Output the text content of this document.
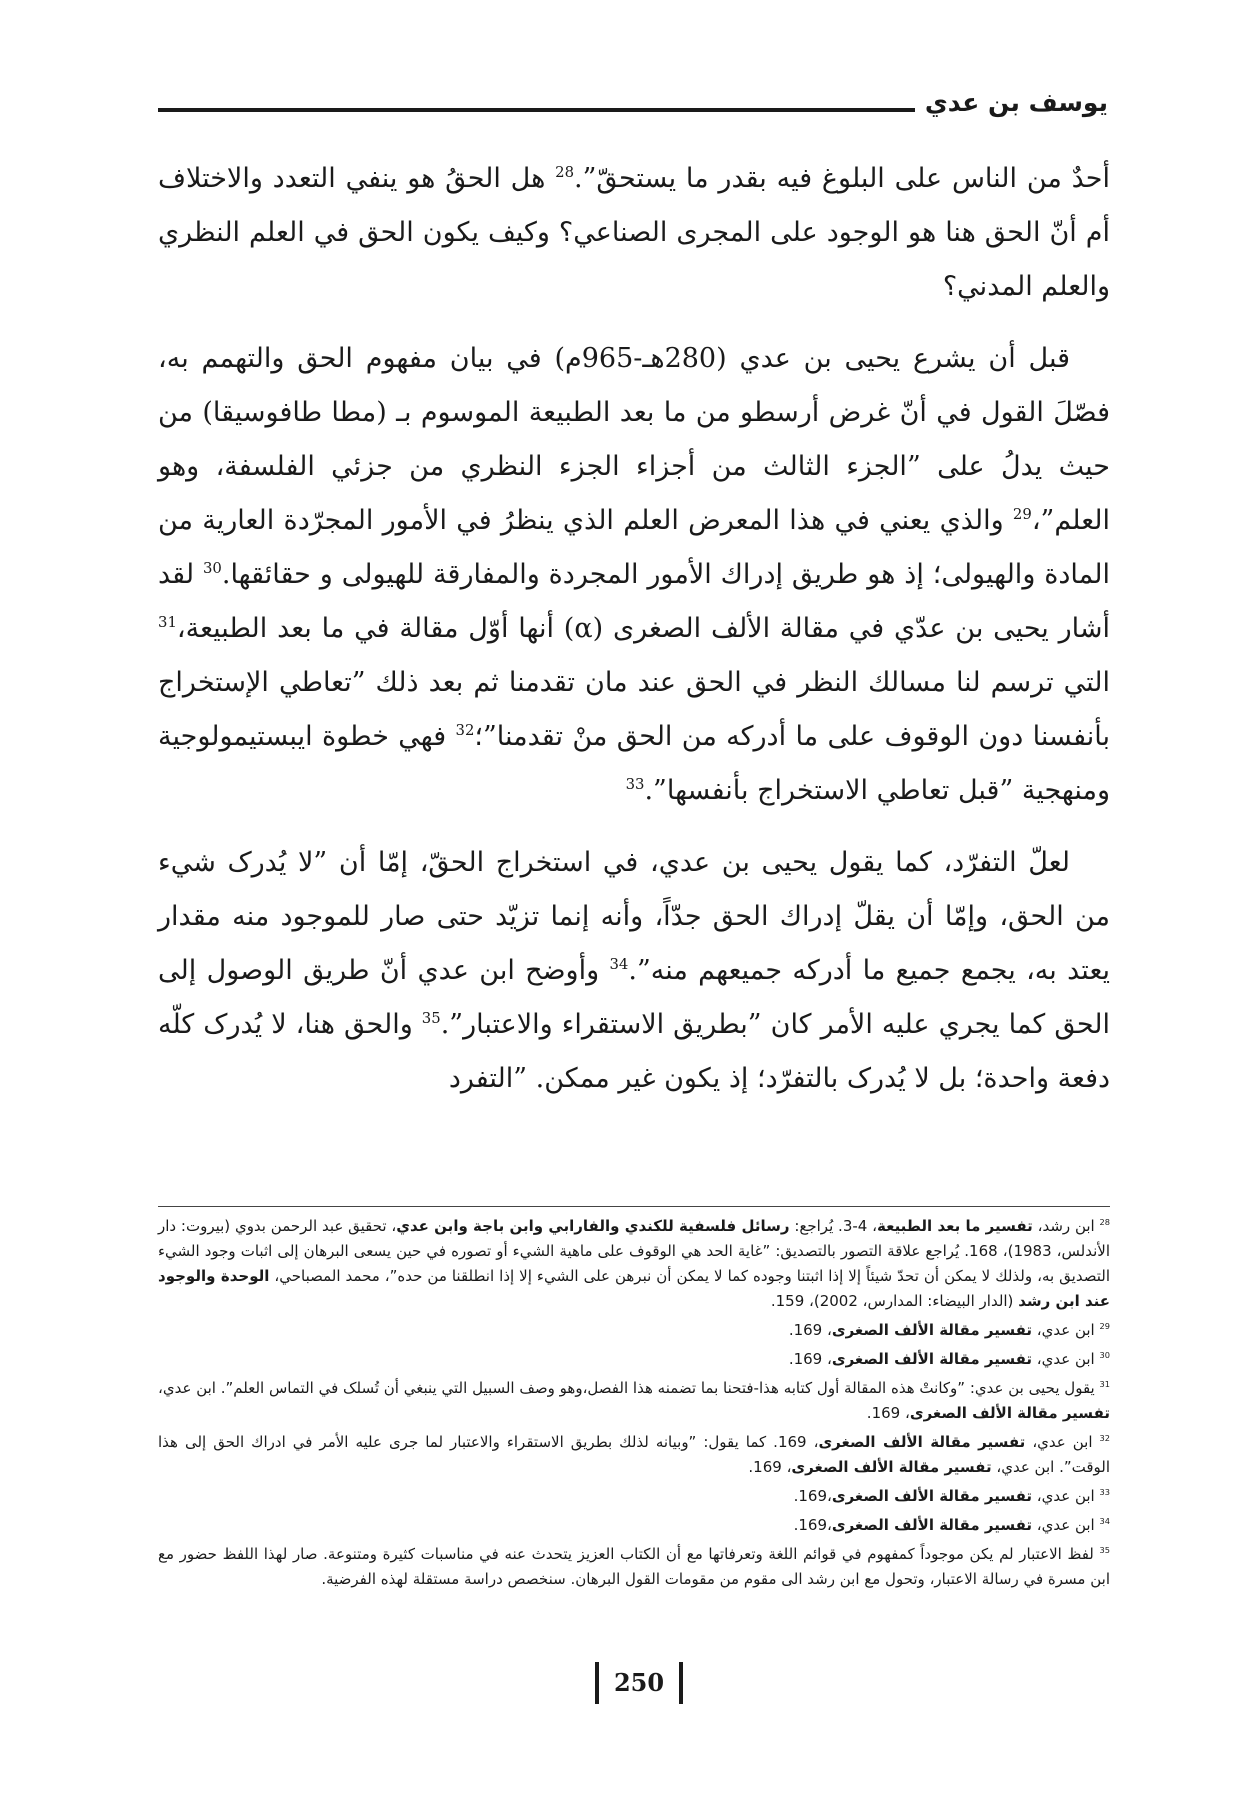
يوسف بن عدي

أحدٌ من الناس على البلوغ فيه بقدر ما يستحقّ”.$^{28}$ هل الحقُ هو ينفي التعدد والاختلاف أم أنّ الحق هنا هو الوجود على المجرى الصناعي؟ وكيف يكون الحق في العلم النظري والعلم المدني؟

قبل أن يشرع يحيى بن عدي (280هـ-965م) في بيان مفهوم الحق والتهمم به، فصّلَ القول في أنّ غرض أرسطو من ما بعد الطبيعة الموسوم بـ (مطا طافوسيقا) من حيث يدلُ على ”الجزء الثالث من أجزاء الجزء النظري من جزئي الفلسفة، وهو العلم”،$^{29}$ والذي يعني في هذا المعرض العلم الذي ينظرُ في الأمور المجرّدة العارية من المادة والهيولى؛ إذ هو طريق إدراك الأمور المجردة والمفارقة للهيولى و حقائقها.$^{30}$ لقد أشار يحيى بن عدّي في مقالة الألف الصغرى (α) أنها أوّل مقالة في ما بعد الطبيعة،$^{31}$ التي ترسم لنا مسالك النظر في الحق عند مان تقدمنا ثم بعد ذلك ”تعاطي الإستخراج بأنفسنا دون الوقوف على ما أدركه من الحق منْ تقدمنا”؛$^{32}$ فهي خطوة ايبستيمولوجية ومنهجية ”قبل تعاطي الاستخراج بأنفسها”.$^{33}$

لعلّ التفرّد، كما يقول يحيى بن عدي، في استخراج الحقّ، إمّا أن ”لا يُدرک شيء من الحق، وإمّا أن يقلّ إدراك الحق جدّاً، وأنه إنما تزيّد حتى صار للموجود منه مقدار يعتد به، يجمع جميع ما أدركه جميعهم منه”.$^{34}$ وأوضح ابن عدي أنّ طريق الوصول إلى الحق كما يجري عليه الأمر كان ”بطريق الاستقراء والاعتبار”.$^{35}$ والحق هنا، لا يُدرک كلّه دفعة واحدة؛ بل لا يُدرک بالتفرّد؛ إذ يكون غير ممكن. ”التفرد

$^{28}$ ابن رشد، تفسير ما بعد الطبيعة، 4-3. يُراجع: رسائل فلسفية للكندي والفارابي وابن باجة وابن عدي، تحقيق عبد الرحمن بدوي (بيروت: دار الأندلس، 1983)، 168. يُراجع علاقة التصور بالتصديق: ”غاية الحد هي الوقوف على ماهية الشيء أو تصوره في حين يسعى البرهان إلى اثبات وجود الشيء التصديق به، ولذلك لا يمكن أن تحدّ شيئاً إلا إذا اثبتنا وجوده كما لا يمكن أن نبرهن على الشيء إلا إذا انطلقنا من حده”، محمد المصباحي، الوحدة والوجود عند ابن رشد (الدار البيضاء: المدارس، 2002)، 159.
$^{29}$ ابن عدي، تفسير مقالة الألف الصغرى، 169.
$^{30}$ ابن عدي، تفسير مقالة الألف الصغرى، 169.
$^{31}$ يقول يحيى بن عدي: ”وكانتْ هذه المقالة أول كتابه هذا-فتحنا بما تضمنه هذا الفصل،وهو وصف السبيل التي ينبغي أن تُسلک في التماس العلم”. ابن عدي، تفسير مقالة الألف الصغرى، 169.
$^{32}$ ابن عدي، تفسير مقالة الألف الصغرى، 169. كما يقول: ”وبيانه لذلك بطريق الاستقراء والاعتبار لما جرى عليه الأمر في ادراك الحق إلى هذا الوقت”. ابن عدي، تفسير مقالة الألف الصغرى، 169.
$^{33}$ ابن عدي، تفسير مقالة الألف الصغرى،169.
$^{34}$ ابن عدي، تفسير مقالة الألف الصغرى،169.
$^{35}$ لفظ الاعتبار لم يكن موجوداً كمفهوم في قوائم اللغة وتعرفاتها مع أن الكتاب العزيز يتحدث عنه في مناسبات كثيرة ومتنوعة. صار لهذا اللفظ حضور مع ابن مسرة في رسالة الاعتبار، وتحول مع ابن رشد الى مقوم من مقومات القول البرهان. سنخصص دراسة مستقلة لهذه الفرضية.
250
